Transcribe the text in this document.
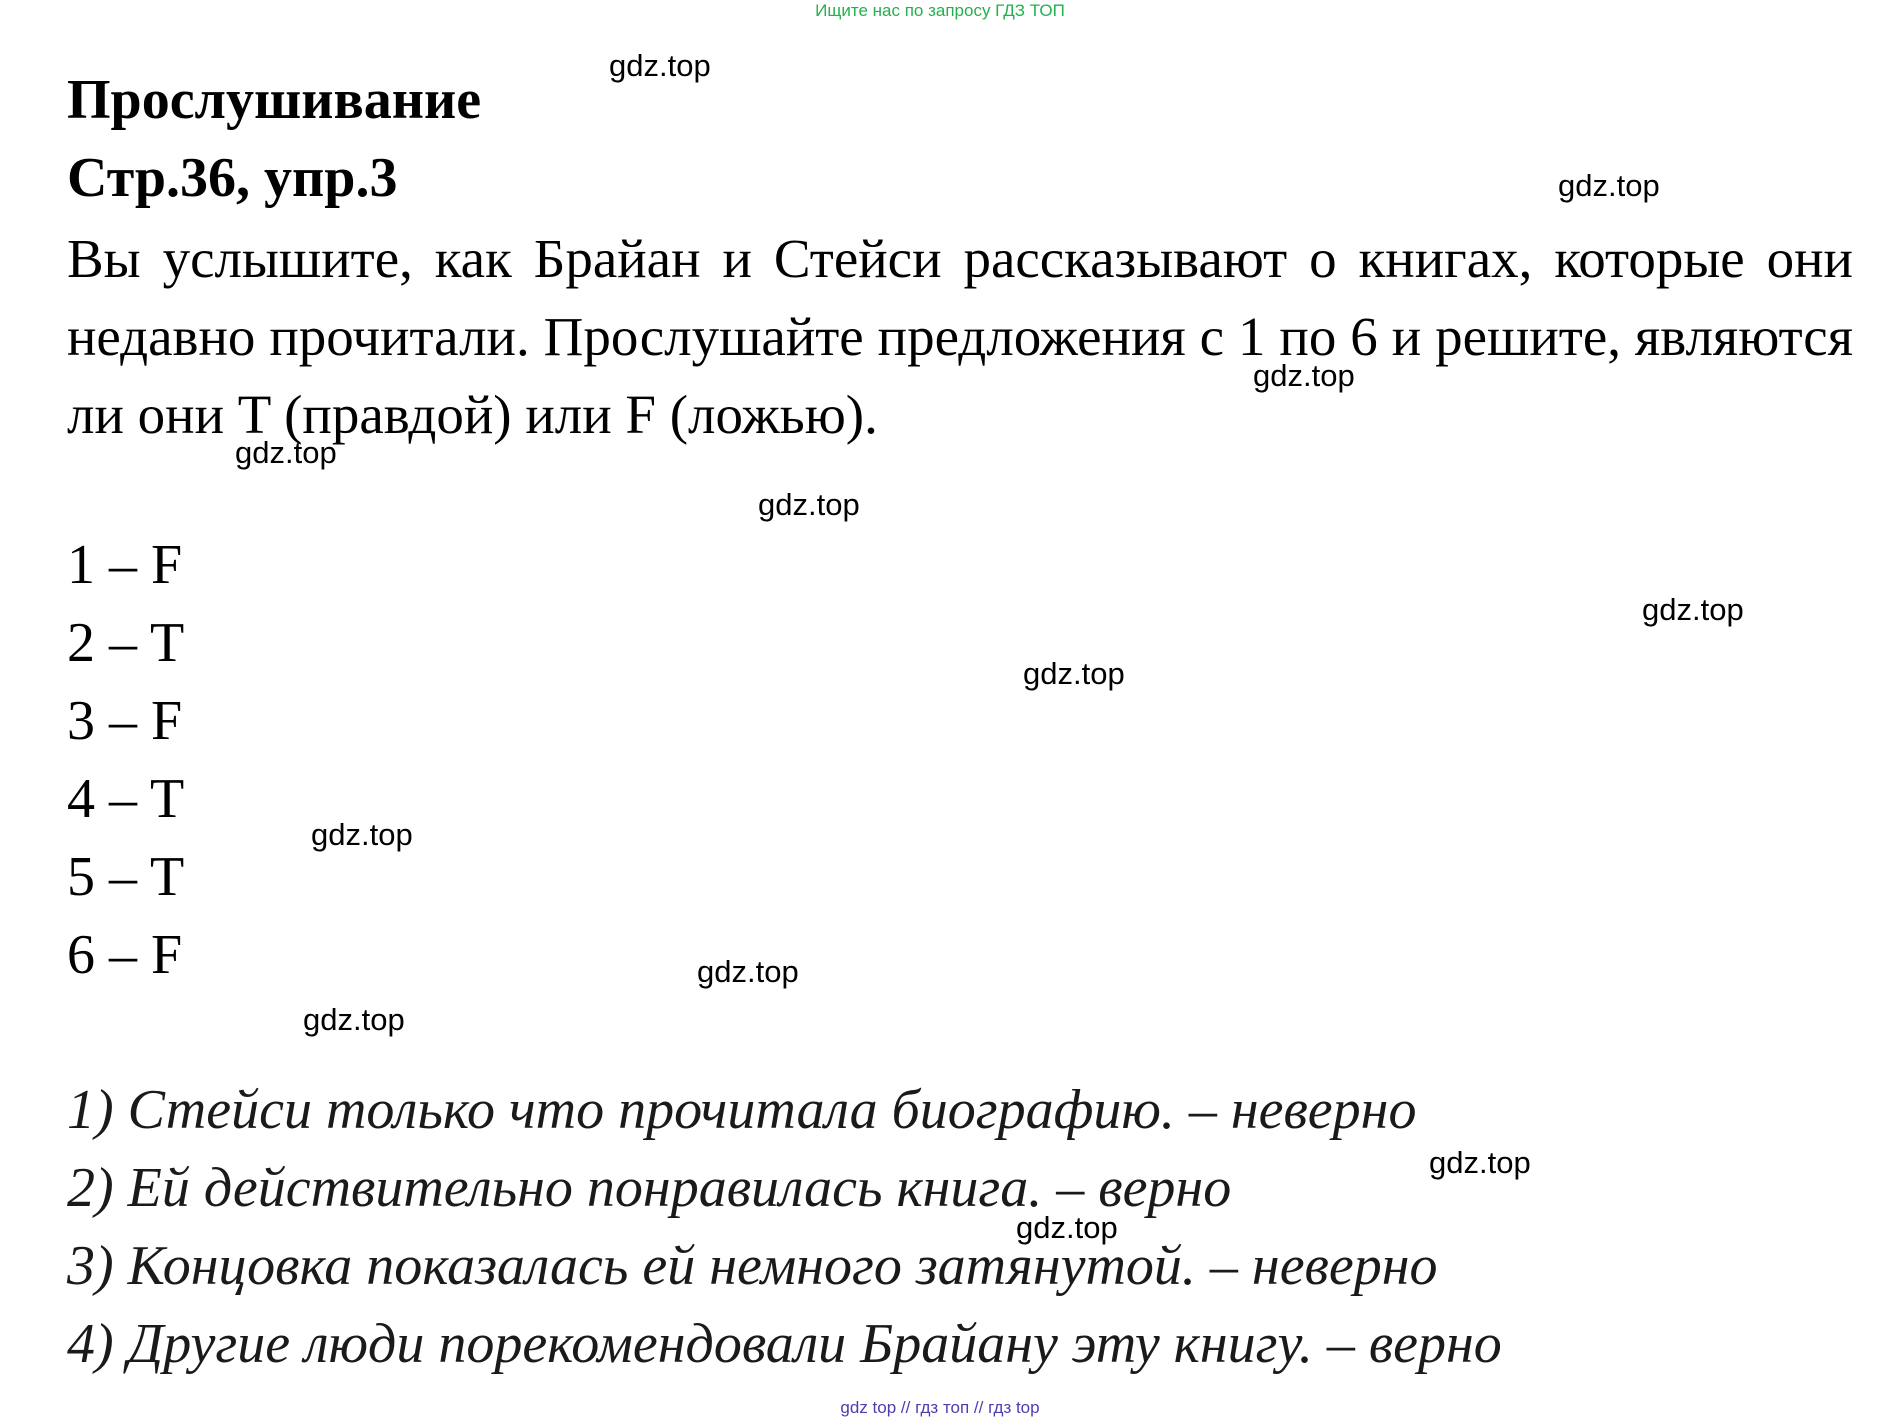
Ищите нас по запросу ГДЗ ТОП
Прослушивание
Стр.36, упр.3

Вы услышите, как Брайан и Стейси рассказывают о книгах, которые они недавно прочитали. Прослушайте предложения с 1 по 6 и решите, являются ли они T (правдой) или F (ложью).

1 – F
2 – T
3 – F
4 – T
5 – T
6 – F
1) Стейси только что прочитала биографию. – неверно
2) Ей действительно понравилась книга. – верно
3) Концовка показалась ей немного затянутой. – неверно
4) Другие люди порекомендовали Брайану эту книгу. – верно
gdz.top
gdz.top
gdz.top
gdz.top
gdz.top
gdz.top
gdz.top
gdz.top
gdz.top
gdz.top
gdz.top
gdz.top
gdz top // гдз топ // гдз top
